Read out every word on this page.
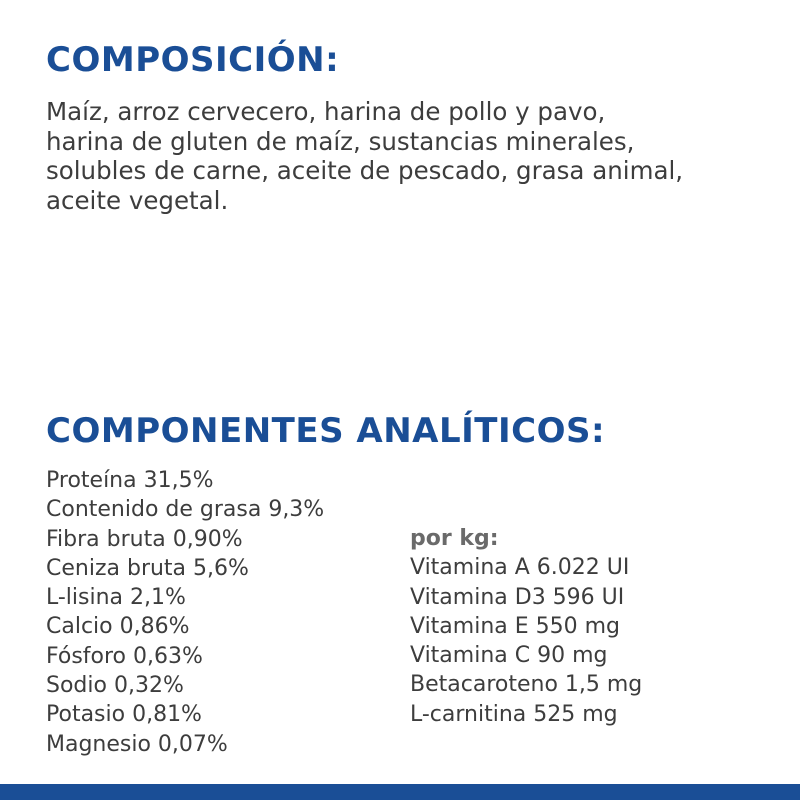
COMPOSICIÓN:

Maíz, arroz cervecero, harina de pollo y pavo,
harina de gluten de maíz, sustancias minerales,
solubles de carne, aceite de pescado, grasa animal,
aceite vegetal.

COMPONENTES ANALÍTICOS:
Proteína 31,5%
Contenido de grasa 9,3%
Fibra bruta 0,90%
Ceniza bruta 5,6%
L-lisina 2,1%
Calcio 0,86%
Fósforo 0,63%
Sodio 0,32%
Potasio 0,81%
Magnesio 0,07%
por kg:
Vitamina A 6.022 UI
Vitamina D3 596 UI
Vitamina E 550 mg
Vitamina C 90 mg
Betacaroteno 1,5 mg
L-carnitina 525 mg
